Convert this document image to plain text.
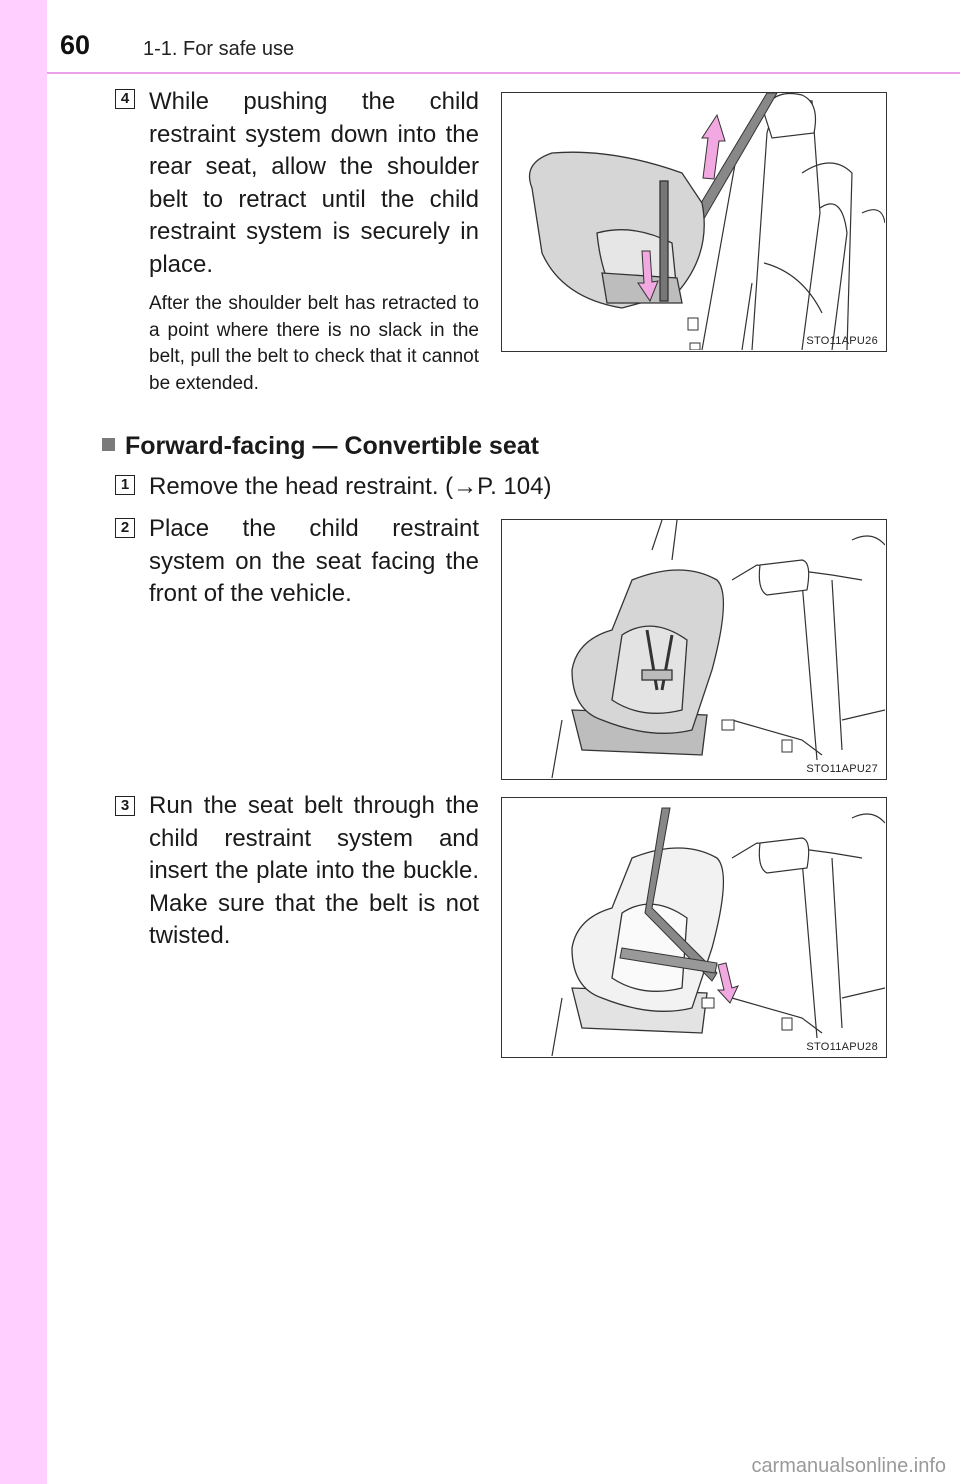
60	1-1. For safe use
4 While pushing the child restraint system down into the rear seat, allow the shoulder belt to retract until the child restraint system is securely in place.
After the shoulder belt has retracted to a point where there is no slack in the belt, pull the belt to check that it cannot be extended.
STO11APU26
Forward-facing — Convertible seat
1 Remove the head restraint. (→P. 104)
2 Place the child restraint system on the seat facing the front of the vehicle.
STO11APU27
3 Run the seat belt through the child restraint system and insert the plate into the buckle. Make sure that the belt is not twisted.
STO11APU28
carmanualsonline.info
